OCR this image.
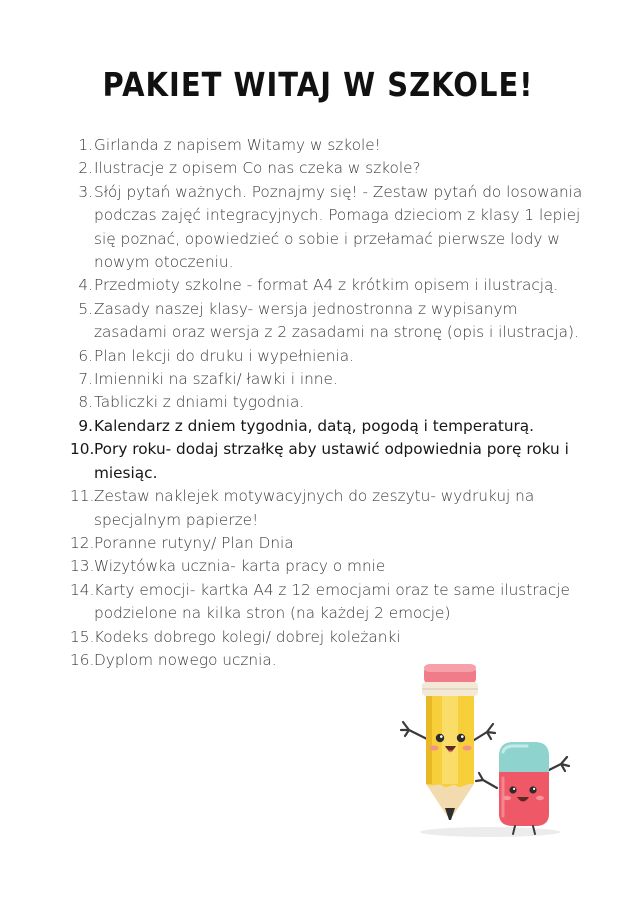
PAKIET WITAJ W SZKOLE!
1. Girlanda z napisem Witamy w szkole!
2. Ilustracje z opisem Co nas czeka w szkole?
3. Słój pytań ważnych. Poznajmy się! - Zestaw pytań do losowania podczas zajęć integracyjnych. Pomaga dzieciom z klasy 1 lepiej się poznać, opowiedzieć o sobie i przełamać pierwsze lody w nowym otoczeniu.
4. Przedmioty szkolne - format A4 z krótkim opisem i ilustracją.
5. Zasady naszej klasy- wersja jednostronna z wypisanym zasadami oraz wersja z 2 zasadami na stronę (opis i ilustracja).
6. Plan lekcji do druku i wypełnienia.
7. Imienniki na szafki/ ławki i inne.
8. Tabliczki z dniami tygodnia.
9. Kalendarz z dniem tygodnia, datą, pogodą i temperaturą.
10. Pory roku- dodaj strzałkę aby ustawić odpowiednia porę roku i miesiąc.
11. Zestaw naklejek motywacyjnych do zeszytu- wydrukuj na specjalnym papierze!
12. Poranne rutyny/ Plan Dnia
13. Wizytówka ucznia- karta pracy o mnie
14. Karty emocji- kartka A4 z 12 emocjami oraz te same ilustracje podzielone na kilka stron (na każdej 2 emocje)
15. Kodeks dobrego kolegi/ dobrej koleżanki
16. Dyplom nowego ucznia.
